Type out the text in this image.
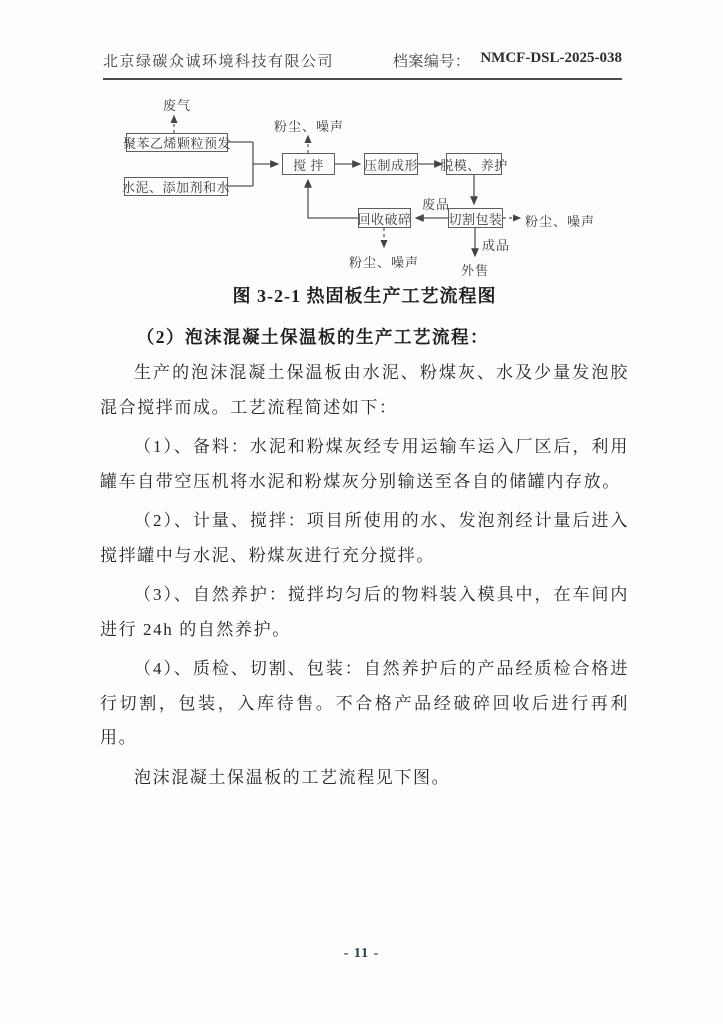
北京绿碳众诚环境科技有限公司	档案编号： NMCF-DSL-2025-038
聚苯乙烯颗粒预发
水泥、添加剂和水
搅 拌	压制成形 脱模、养护
切割包装
回收破碎
废气
粉尘、噪声
废品
粉尘、噪声
成品
外售
粉尘、噪声

图 3-2-1 热固板生产工艺流程图

（2）泡沫混凝土保温板的生产工艺流程：

生产的泡沫混凝土保温板由水泥、粉煤灰、水及少量发泡胶混合搅拌而成。工艺流程简述如下：

（1）、备料：水泥和粉煤灰经专用运输车运入厂区后，利用罐车自带空压机将水泥和粉煤灰分别输送至各自的储罐内存放。

（2）、计量、搅拌：项目所使用的水、发泡剂经计量后进入搅拌罐中与水泥、粉煤灰进行充分搅拌。

（3）、自然养护：搅拌均匀后的物料装入模具中，在车间内进行 24h 的自然养护。

（4）、质检、切割、包装：自然养护后的产品经质检合格进行切割，包装，入库待售。不合格产品经破碎回收后进行再利用。

泡沫混凝土保温板的工艺流程见下图。

- 11 -
